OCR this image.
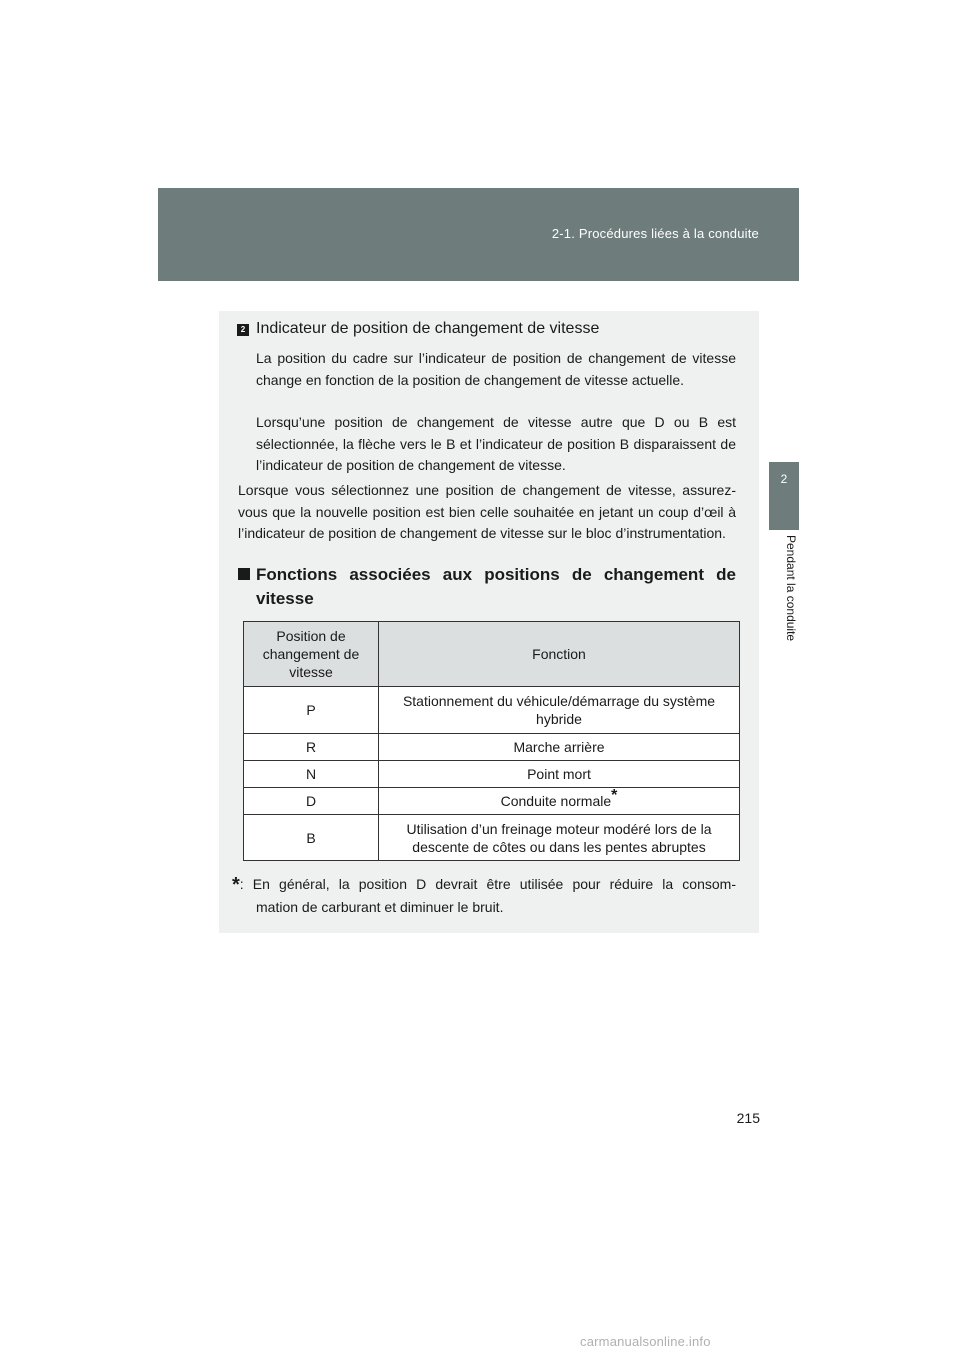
2-1. Procédures liées à la conduite
2
Pendant la conduite
2 Indicateur de position de changement de vitesse
La position du cadre sur l’indicateur de position de changement de vitesse change en fonction de la position de changement de vitesse actuelle.
Lorsqu’une position de changement de vitesse autre que D ou B est sélectionnée, la flèche vers le B et l’indicateur de position B disparaissent de l’indicateur de position de changement de vitesse.
Lorsque vous sélectionnez une position de changement de vitesse, assurez-vous que la nouvelle position est bien celle souhaitée en jetant un coup d’œil à l’indicateur de position de changement de vitesse sur le bloc d’instrumentation.
Fonctions associées aux positions de changement de
vitesse
Position de changement de vitesse	Fonction
P	Stationnement du véhicule/démarrage du système hybride
R	Marche arrière
N	Point mort
D	Conduite normale*
B	Utilisation d’un freinage moteur modéré lors de la descente de côtes ou dans les pentes abruptes
*: En général, la position D devrait être utilisée pour réduire la consom-
mation de carburant et diminuer le bruit.
215
carmanualsonline.info
